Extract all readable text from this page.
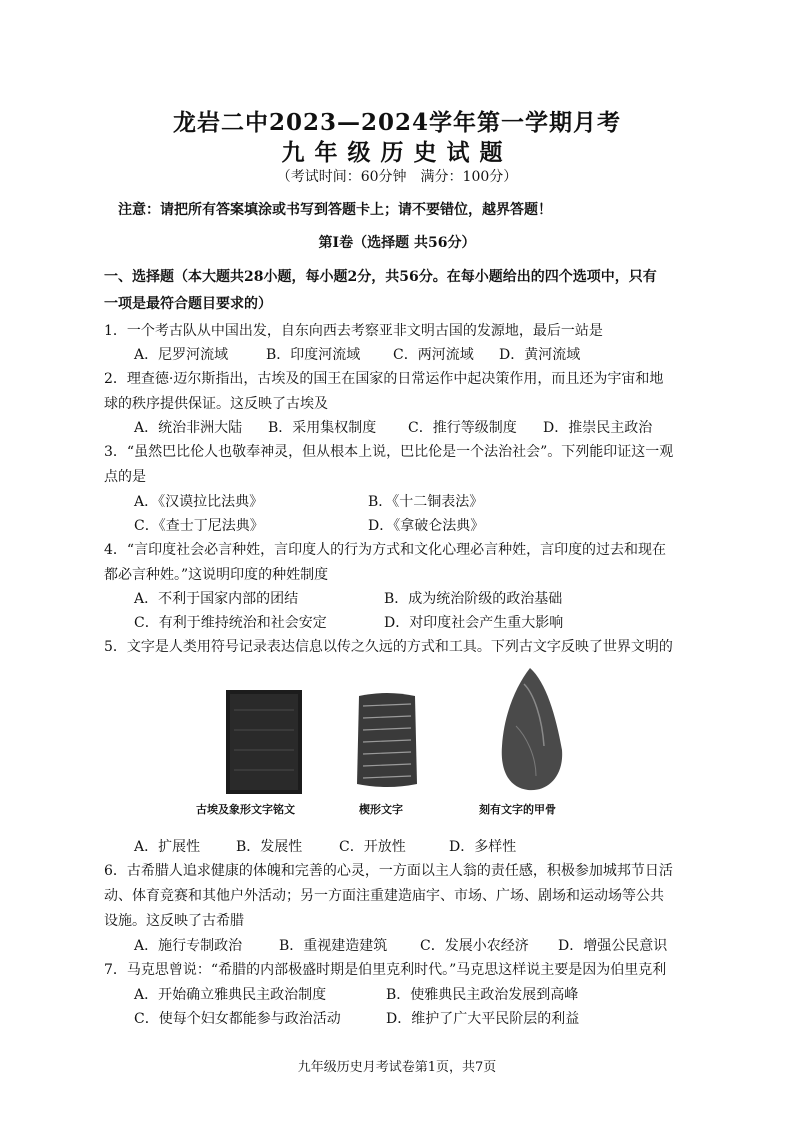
龙岩二中2023—2024学年第一学期月考
九年级历史试题
（考试时间：60分钟　满分：100分）
注意：请把所有答案填涂或书写到答题卡上；请不要错位，越界答题！
第Ⅰ卷（选择题 共56分）
一、选择题（本大题共28小题，每小题2分，共56分。在每小题给出的四个选项中，只有
一项是最符合题目要求的）
1．一个考古队从中国出发，自东向西去考察亚非文明古国的发源地，最后一站是
A．尼罗河流域	B．印度河流域 C．两河流域 D．黄河流域
2．理查德·迈尔斯指出，古埃及的国王在国家的日常运作中起决策作用，而且还为宇宙和地
球的秩序提供保证。这反映了古埃及
A．统治非洲大陆 B．采用集权制度 C．推行等级制度 D．推崇民主政治
3．“虽然巴比伦人也敬奉神灵，但从根本上说，巴比伦是一个法治社会”。下列能印证这一观
点的是
A．《汉谟拉比法典》	B．《十二铜表法》
C．《查士丁尼法典》	D．《拿破仑法典》
4．“言印度社会必言种姓，言印度人的行为方式和文化心理必言种姓，言印度的过去和现在
都必言种姓。”这说明印度的种姓制度
A．不利于国家内部的团结	B．成为统治阶级的政治基础
C．有利于维持统治和社会安定	D．对印度社会产生重大影响
5．文字是人类用符号记录表达信息以传之久远的方式和工具。下列古文字反映了世界文明的
古埃及象形文字铭文	楔形文字	刻有文字的甲骨
A．扩展性	B．发展性	C．开放性	D．多样性
6．古希腊人追求健康的体魄和完善的心灵，一方面以主人翁的责任感，积极参加城邦节日活
动、体育竞赛和其他户外活动；另一方面注重建造庙宇、市场、广场、剧场和运动场等公共
设施。这反映了古希腊
A．施行专制政治	B．重视建造建筑 C．发展小农经济 D．增强公民意识
7．马克思曾说：“希腊的内部极盛时期是伯里克利时代。”马克思这样说主要是因为伯里克利
A．开始确立雅典民主政治制度	B．使雅典民主政治发展到高峰
C．使每个妇女都能参与政治活动	D．维护了广大平民阶层的利益
九年级历史月考试卷第1页，共7页
